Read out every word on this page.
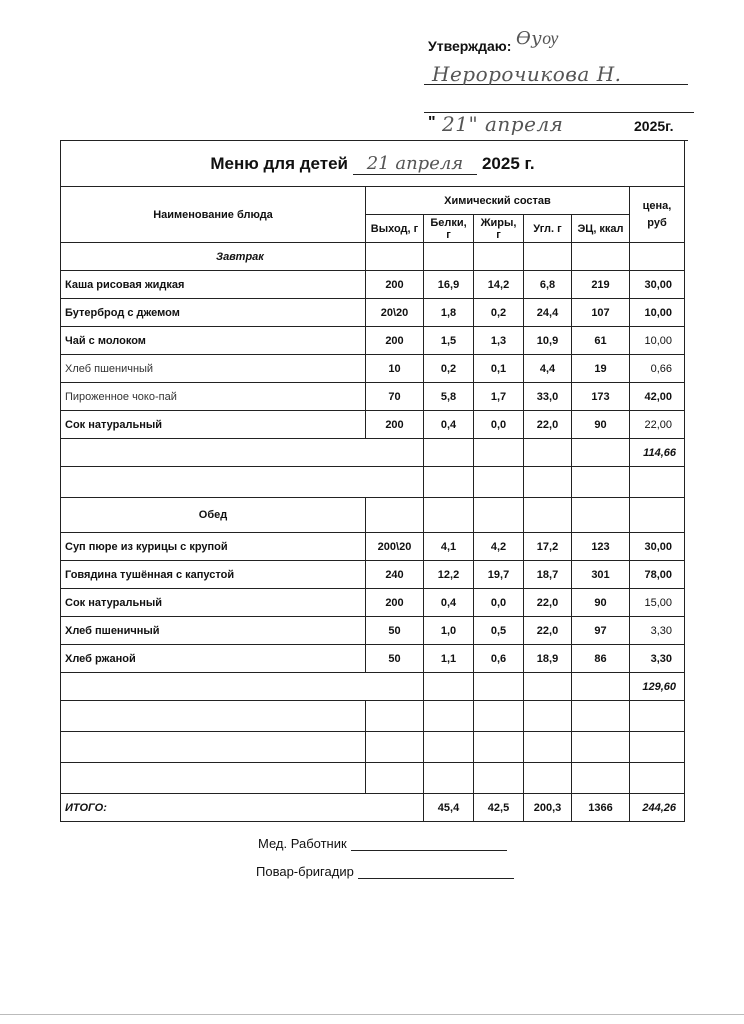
Утверждаю: Ѳуѹ
Неророчикова Н.
" 21" апреля	2025г.
Меню для детей 21 апреля 2025 г.						
Наименование блюда	Химический состав					цена, руб
	Выход, г	Белки, г	Жиры, г	Угл. г	ЭЦ, ккал	
Завтрак						
Каша рисовая жидкая	200	16,9	14,2	6,8	219	30,00
Бутерброд с джемом	20\20	1,8	0,2	24,4	107	10,00
Чай с молоком	200	1,5	1,3	10,9	61	10,00
Хлеб пшеничный	10	0,2	0,1	4,4	19	0,66
Пироженное чоко-пай	70	5,8	1,7	33,0	173	42,00
Сок натуральный	200	0,4	0,0	22,0	90	22,00
						114,66

Обед						
Суп пюре из курицы с крупой	200\20	4,1	4,2	17,2	123	30,00
Говядина тушённая с капустой	240	12,2	19,7	18,7	301	78,00
Сок натуральный	200	0,4	0,0	22,0	90	15,00
Хлеб пшеничный	50	1,0	0,5	22,0	97	3,30
Хлеб ржаной	50	1,1	0,6	18,9	86	3,30
						129,60

ИТОГО:		45,4	42,5	200,3	1366	244,26
Мед. Работник
Повар-бригадир
